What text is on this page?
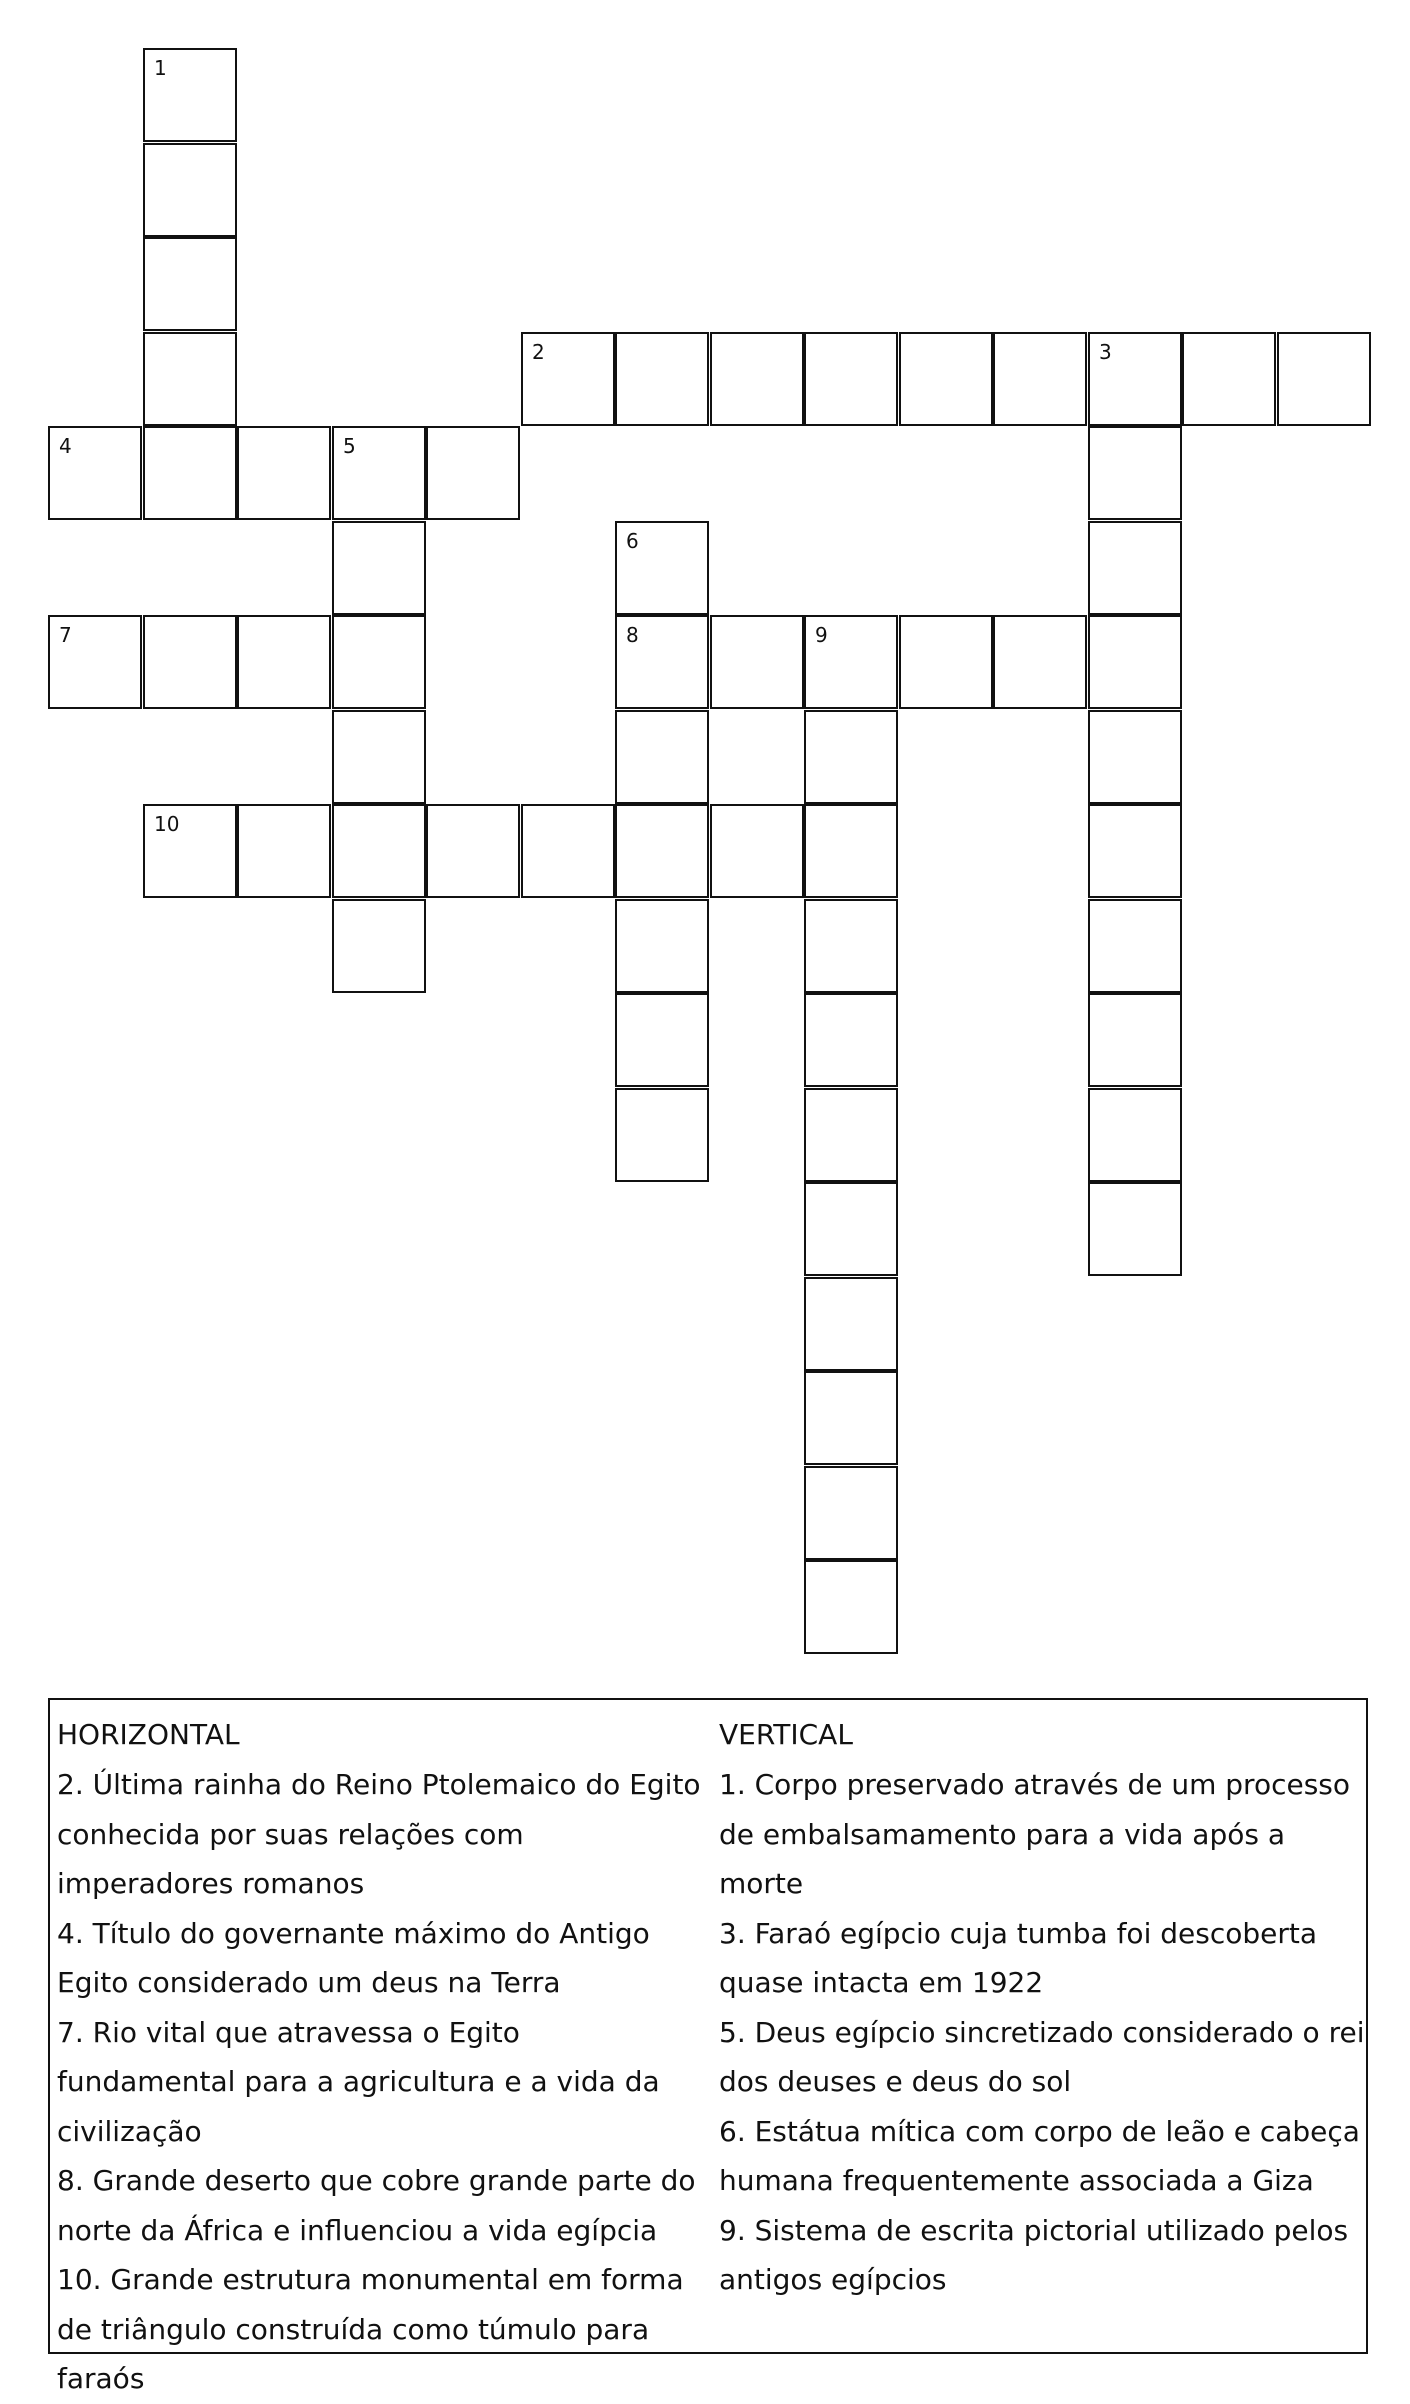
1
2	3
4	5
6
8
7	9
10
HORIZONTAL
2. Última rainha do Reino Ptolemaico do Egito conhecida por suas relações com imperadores romanos
4. Título do governante máximo do Antigo Egito considerado um deus na Terra
7. Rio vital que atravessa o Egito fundamental para a agricultura e a vida da civilização
8. Grande deserto que cobre grande parte do norte da África e influenciou a vida egípcia
10. Grande estrutura monumental em forma de triângulo construída como túmulo para faraós
VERTICAL
1. Corpo preservado através de um processo de embalsamamento para a vida após a morte
3. Faraó egípcio cuja tumba foi descoberta quase intacta em 1922
5. Deus egípcio sincretizado considerado o rei dos deuses e deus do sol
6. Estátua mítica com corpo de leão e cabeça humana frequentemente associada a Giza
9. Sistema de escrita pictorial utilizado pelos antigos egípcios
